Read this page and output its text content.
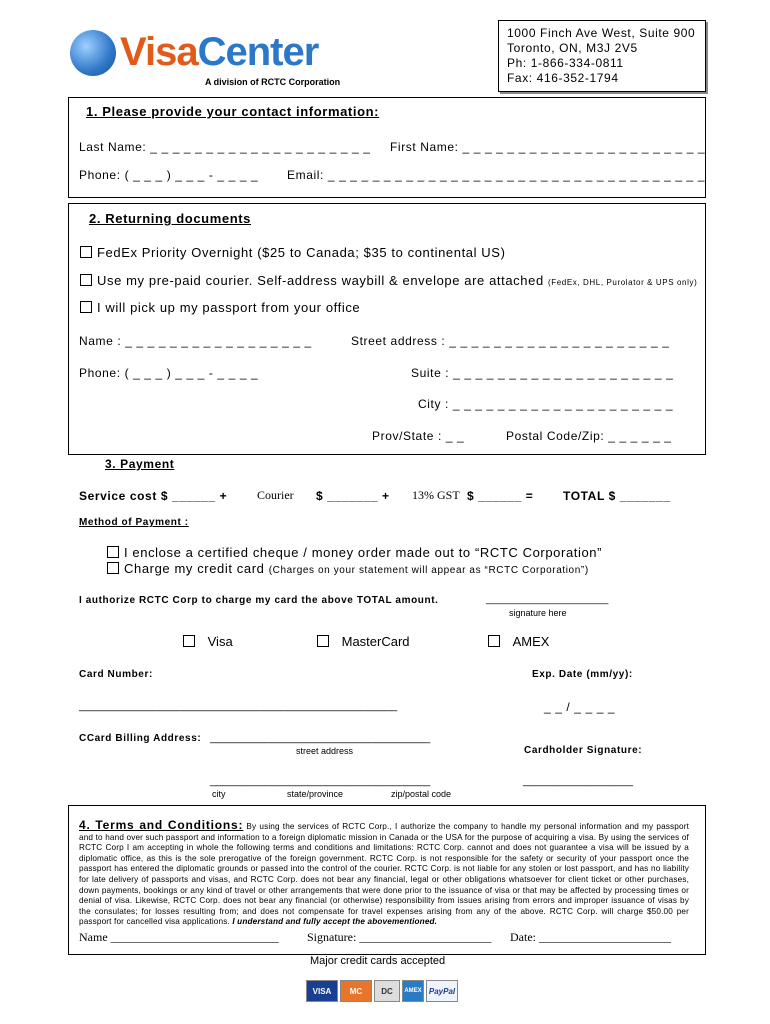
VisaCenter
A division of RCTC Corporation
1000 Finch Ave West, Suite 900
Toronto, ON, M3J 2V5
Ph: 1-866-334-0811
Fax: 416-352-1794
1. Please provide your contact information:
Last Name: _ _ _ _ _ _ _ _ _ _ _ _ _ _ _ _ _ _ _ _ First Name: _ _ _ _ _ _ _ _ _ _ _ _ _ _ _ _ _ _ _ _ _ _
Phone: ( _ _ _ ) _ _ _ - _ _ _ _ Email: _ _ _ _ _ _ _ _ _ _ _ _ _ _ _ _ _ _ _ _ _ _ _ _ _ _ _ _ _ _ _ _ _ _
2. Returning documents
FedEx Priority Overnight ($25 to Canada; $35 to continental US)
Use my pre-paid courier. Self-address waybill & envelope are attached (FedEx, DHL, Purolator & UPS only)
I will pick up my passport from your office
Name : _ _ _ _ _ _ _ _ _ _ _ _ _ _ _ _ _	Street address : _ _ _ _ _ _ _ _ _ _ _ _ _ _ _ _ _ _ _ _
Phone: ( _ _ _ ) _ _ _ - _ _ _ _	Suite : _ _ _ _ _ _ _ _ _ _ _ _ _ _ _ _ _ _ _ _
City : _ _ _ _ _ _ _ _ _ _ _ _ _ _ _ _ _ _ _ _
Prov/State : _ _	Postal Code/Zip: _ _ _ _ _ _
3. Payment
Service cost $ ______ + Courier $ _______ + 13% GST $ ______ = TOTAL $ _______
Method of Payment :
I enclose a certified cheque / money order made out to “RCTC Corporation”
Charge my credit card (Charges on your statement will appear as “RCTC Corporation”)
I authorize RCTC Corp to charge my card the above TOTAL amount.	______________________
signature here
Visa	MasterCard	AMEX
Card Number:	Exp. Date (mm/yy):
____________________________________________________	_ _ / _ _ _ _
CCard Billing Address: ____________________________________
street address	Cardholder Signature:
____________________________________	__________________
city	state/province	zip/postal code
4. Terms and Conditions: By using the services of RCTC Corp., I authorize the company to handle my personal information and my passport and to hand over such passport and information to a foreign diplomatic mission in Canada or the USA for the purpose of acquiring a visa. By using the services of RCTC Corp I am accepting in whole the following terms and conditions and limitations: RCTC Corp. cannot and does not guarantee a visa will be issued by a diplomatic office, as this is the sole prerogative of the foreign government. RCTC Corp. is not responsible for the safety or security of your passport once the passport has entered the diplomatic grounds or passed into the control of the courier. RCTC Corp. is not liable for any stolen or lost passport, and has no liability for late delivery of passports and visas, and RCTC Corp. does not bear any financial, legal or other obligations whatsoever for client ticket or other purchases, down payments, bookings or any kind of travel or other arrangements that were done prior to the issuance of visa or that may be affected by processing times or denial of visa. Likewise, RCTC Corp. does not bear any financial (or otherwise) responsibility from issues arising from errors and improper issuance of visas by the consulates; for losses resulting from; and does not compensate for travel expenses arising from any of the above. RCTC Corp. will charge $50.00 per passport for cancelled visa applications. I understand and fully accept the abovementioned.
Name ____________________________ Signature: ______________________ Date: ______________________
Major credit cards accepted
VISA	MC	DC	AMEX PayPal
